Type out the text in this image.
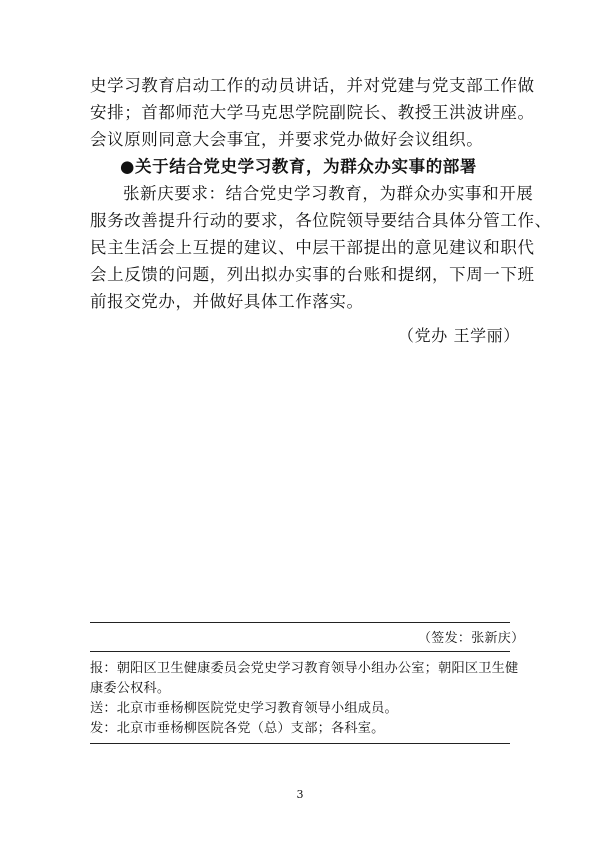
史学习教育启动工作的动员讲话，并对党建与党支部工作做

安排；首都师范大学马克思学院副院长、教授王洪波讲座。

会议原则同意大会事宜，并要求党办做好会议组织。

●关于结合党史学习教育，为群众办实事的部署

张新庆要求：结合党史学习教育，为群众办实事和开展

服务改善提升行动的要求，各位院领导要结合具体分管工作、

民主生活会上互提的建议、中层干部提出的意见建议和职代

会上反馈的问题，列出拟办实事的台账和提纲，下周一下班

前报交党办，并做好具体工作落实。

（党办 王学丽）
（签发：张新庆）

报：朝阳区卫生健康委员会党史学习教育领导小组办公室；朝阳区卫生健

康委公权科。

送：北京市垂杨柳医院党史学习教育领导小组成员。

发：北京市垂杨柳医院各党（总）支部；各科室。

3
